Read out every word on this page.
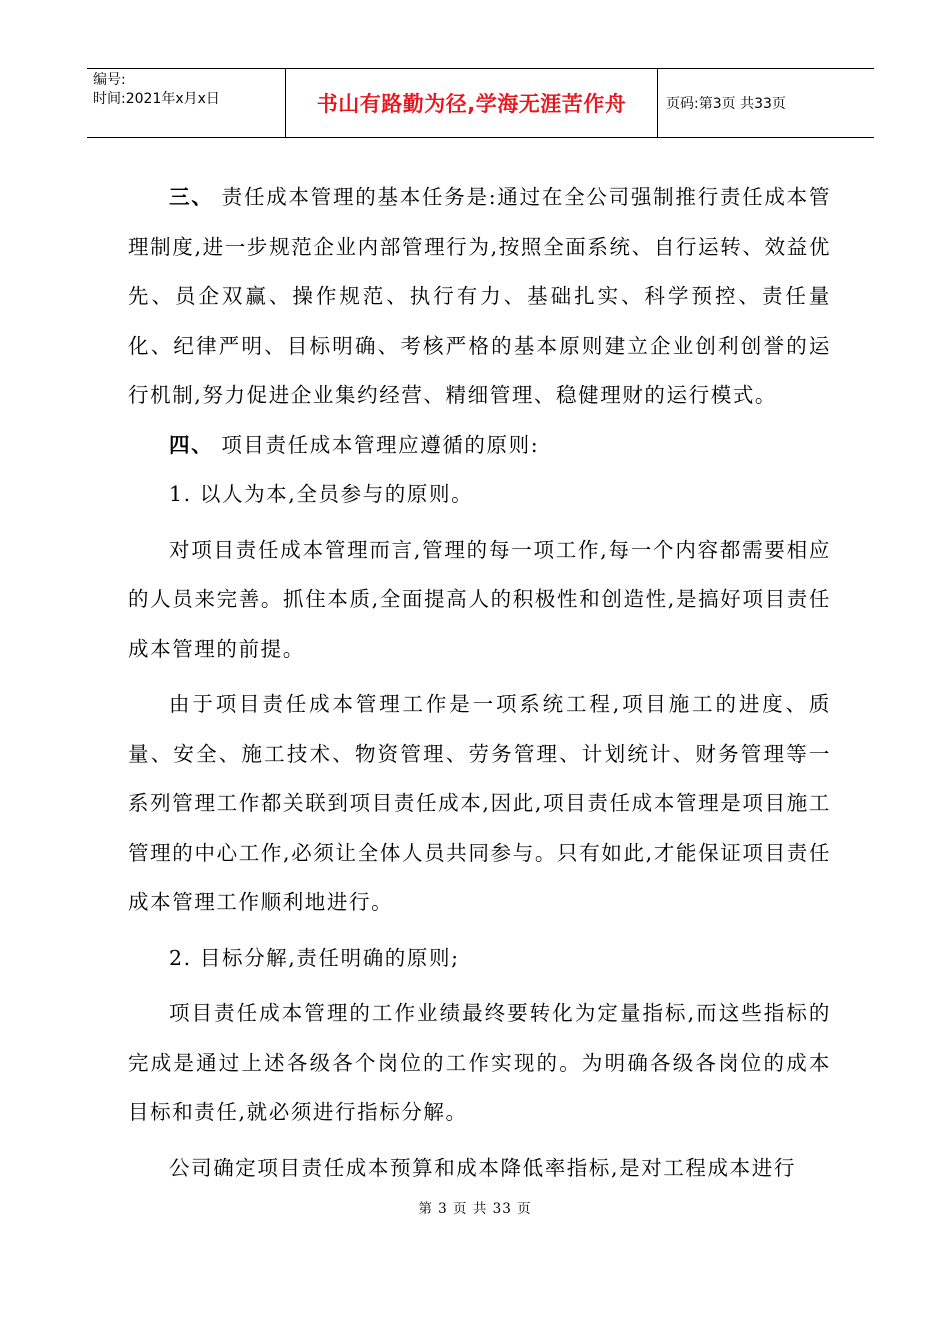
编号:
时间:2021年x月x日	书山有路勤为径,学海无涯苦作舟	页码:第3页 共33页

三、 责任成本管理的基本任务是:通过在全公司强制推行责任成本管理制度,进一步规范企业内部管理行为,按照全面系统、自行运转、效益优先、员企双赢、操作规范、执行有力、基础扎实、科学预控、责任量化、纪律严明、目标明确、考核严格的基本原则建立企业创利创誉的运行机制,努力促进企业集约经营、精细管理、稳健理财的运行模式。

四、 项目责任成本管理应遵循的原则:

1. 以人为本,全员参与的原则。

对项目责任成本管理而言,管理的每一项工作,每一个内容都需要相应的人员来完善。抓住本质,全面提高人的积极性和创造性,是搞好项目责任成本管理的前提。

由于项目责任成本管理工作是一项系统工程,项目施工的进度、质量、安全、施工技术、物资管理、劳务管理、计划统计、财务管理等一系列管理工作都关联到项目责任成本,因此,项目责任成本管理是项目施工管理的中心工作,必须让全体人员共同参与。只有如此,才能保证项目责任成本管理工作顺利地进行。

2. 目标分解,责任明确的原则;

项目责任成本管理的工作业绩最终要转化为定量指标,而这些指标的完成是通过上述各级各个岗位的工作实现的。为明确各级各岗位的成本目标和责任,就必须进行指标分解。

公司确定项目责任成本预算和成本降低率指标,是对工程成本进行

第 3 页 共 33 页
